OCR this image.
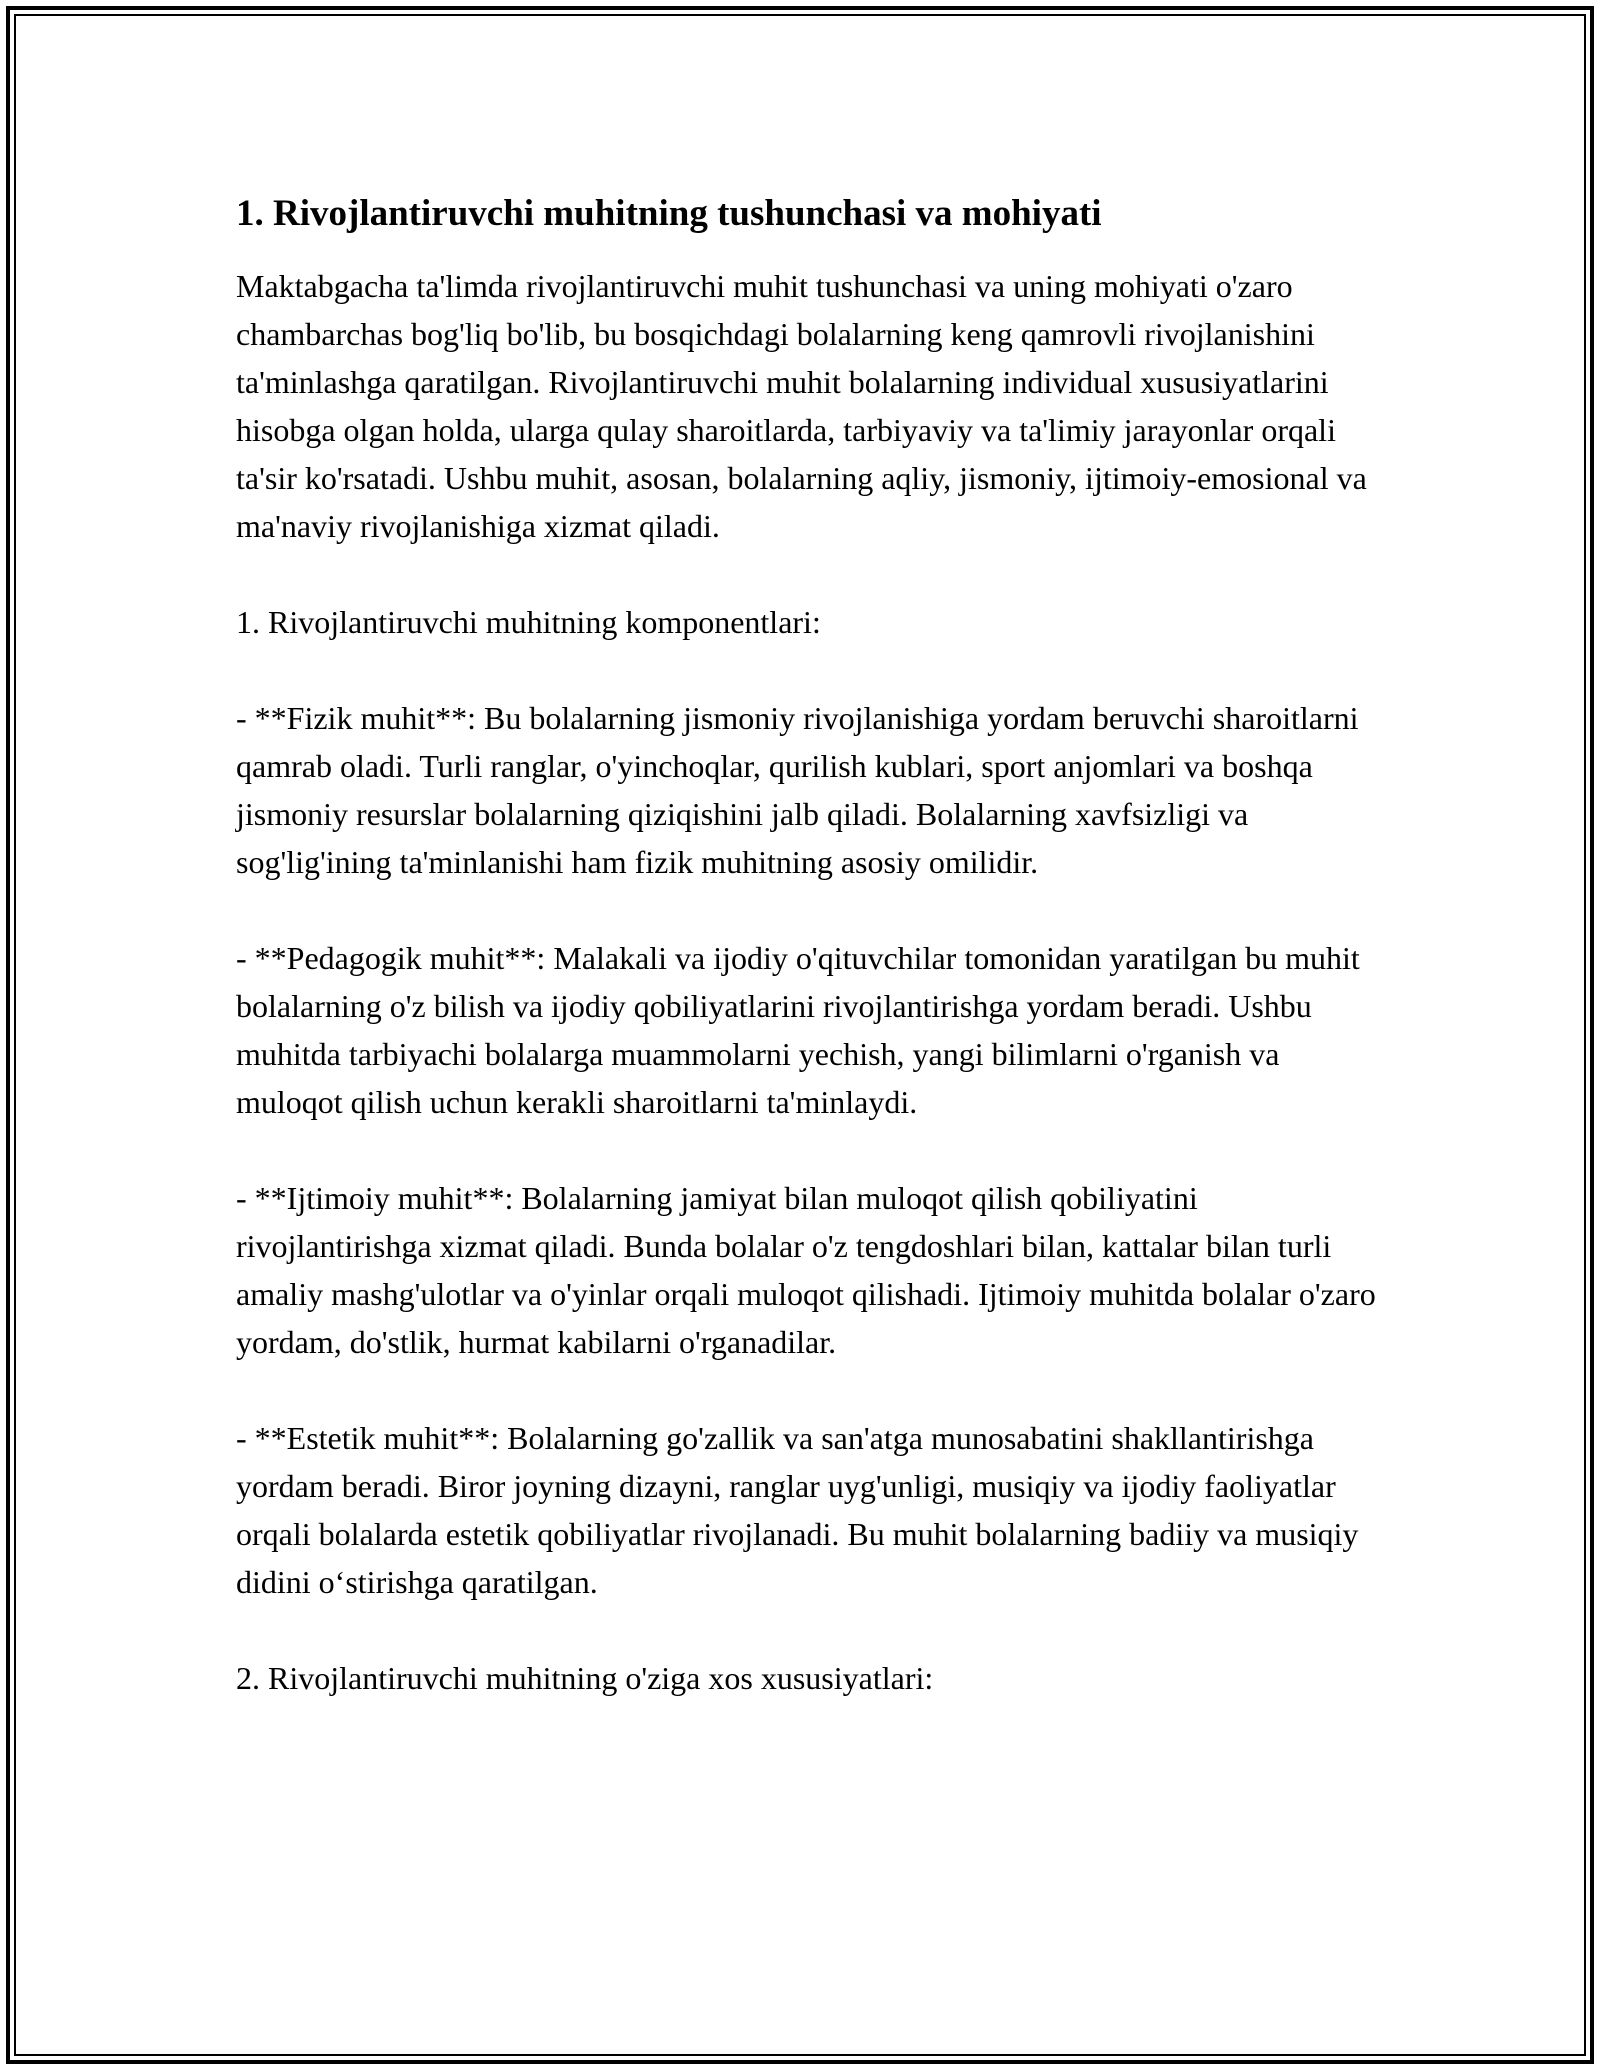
1. Rivojlantiruvchi muhitning tushunchasi va mohiyati

Maktabgacha ta'limda rivojlantiruvchi muhit tushunchasi va uning mohiyati o'zaro chambarchas bog'liq bo'lib, bu bosqichdagi bolalarning keng qamrovli rivojlanishini ta'minlashga qaratilgan. Rivojlantiruvchi muhit bolalarning individual xususiyatlarini hisobga olgan holda, ularga qulay sharoitlarda, tarbiyaviy va ta'limiy jarayonlar orqali ta'sir ko'rsatadi. Ushbu muhit, asosan, bolalarning aqliy, jismoniy, ijtimoiy-emosional va ma'naviy rivojlanishiga xizmat qiladi.

1. Rivojlantiruvchi muhitning komponentlari:

- **Fizik muhit**: Bu bolalarning jismoniy rivojlanishiga yordam beruvchi sharoitlarni qamrab oladi. Turli ranglar, o'yinchoqlar, qurilish kublari, sport anjomlari va boshqa jismoniy resurslar bolalarning qiziqishini jalb qiladi. Bolalarning xavfsizligi va sog'lig'ining ta'minlanishi ham fizik muhitning asosiy omilidir.

- **Pedagogik muhit**: Malakali va ijodiy o'qituvchilar tomonidan yaratilgan bu muhit bolalarning o'z bilish va ijodiy qobiliyatlarini rivojlantirishga yordam beradi. Ushbu muhitda tarbiyachi bolalarga muammolarni yechish, yangi bilimlarni o'rganish va muloqot qilish uchun kerakli sharoitlarni ta'minlaydi.

- **Ijtimoiy muhit**: Bolalarning jamiyat bilan muloqot qilish qobiliyatini rivojlantirishga xizmat qiladi. Bunda bolalar o'z tengdoshlari bilan, kattalar bilan turli amaliy mashg'ulotlar va o'yinlar orqali muloqot qilishadi. Ijtimoiy muhitda bolalar o'zaro yordam, do'stlik, hurmat kabilarni o'rganadilar.

- **Estetik muhit**: Bolalarning go'zallik va san'atga munosabatini shakllantirishga yordam beradi. Biror joyning dizayni, ranglar uyg'unligi, musiqiy va ijodiy faoliyatlar orqali bolalarda estetik qobiliyatlar rivojlanadi. Bu muhit bolalarning badiiy va musiqiy didini o‘stirishga qaratilgan.

2. Rivojlantiruvchi muhitning o'ziga xos xususiyatlari:
